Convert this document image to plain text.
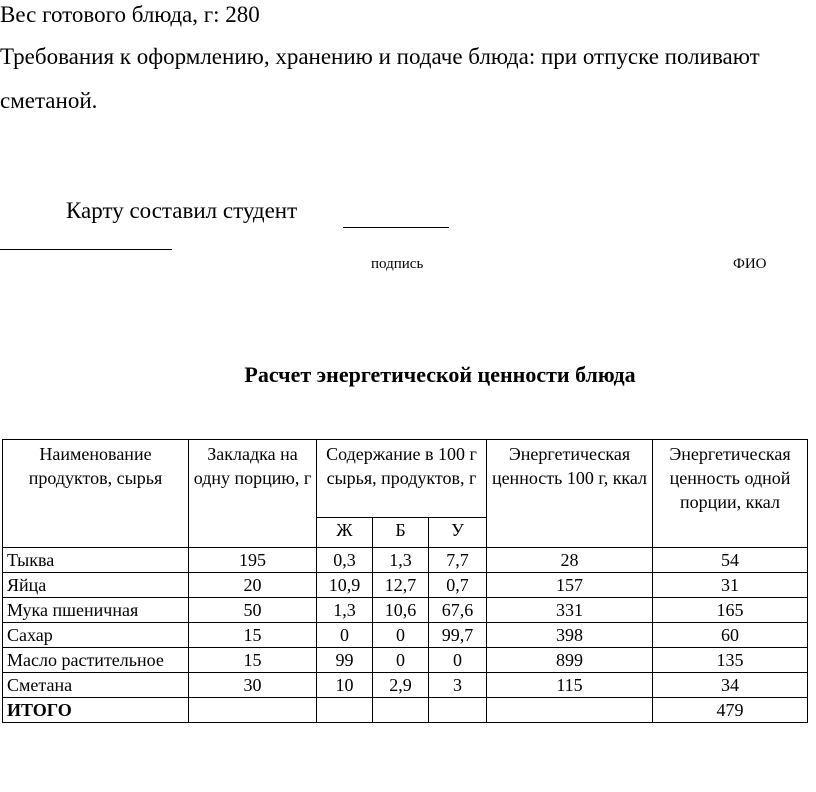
Вес готового блюда, г: 280
Требования к оформлению, хранению и подаче блюда: при отпуске поливают
сметаной.
Карту составил студент
подпись	ФИО
Расчет энергетической ценности блюда
Наименование продуктов, сырья	Закладка на одну порцию, г	Содержание в 100 г сырья, продуктов, г			Энергетическая ценность 100 г, ккал	Энергетическая ценность одной порции, ккал
		Ж	Б	У		
Тыква	195	0,3	1,3	7,7	28	54
Яйца	20	10,9	12,7	0,7	157	31
Мука пшеничная	50	1,3	10,6	67,6	331	165
Сахар	15	0	0	99,7	398	60
Масло растительное	15	99	0	0	899	135
Сметана	30	10	2,9	3	115	34
ИТОГО						479
